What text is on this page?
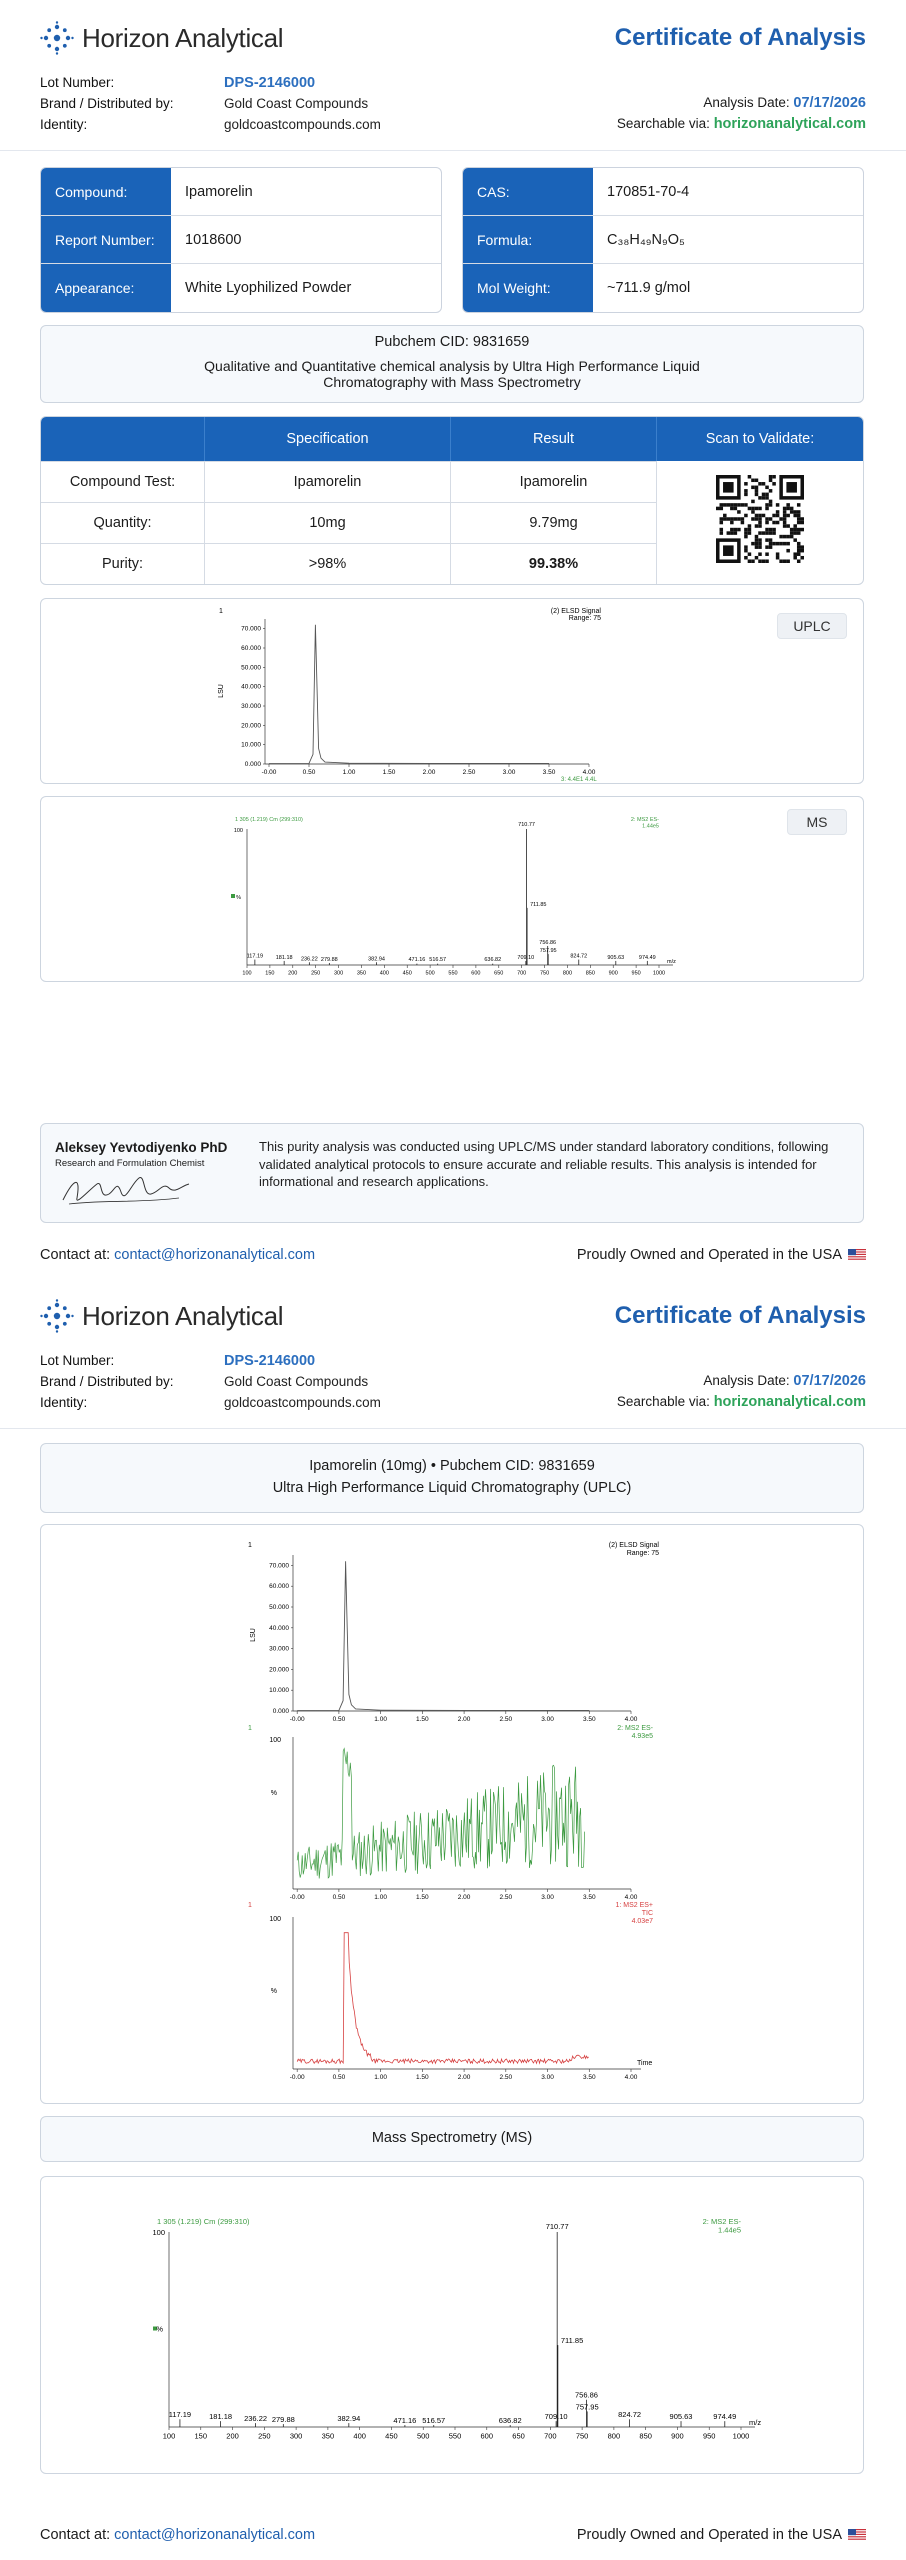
Horizon Analytical	Certificate of Analysis
Lot Number:	DPS-2146000
Brand / Distributed by:	Gold Coast Compounds
Identity:	goldcoastcompounds.com
Analysis Date: 07/17/2026
Searchable via: horizonanalytical.com
Compound:	Ipamorelin
Report Number:	1018600
Appearance:	White Lyophilized Powder
CAS:	170851-70-4
Formula:	C₃₈H₄₉N₉O₅
Mol Weight:	~711.9 g/mol
Pubchem CID: 9831659
Qualitative and Quantitative chemical analysis by Ultra High Performance Liquid
Chromatography with Mass Spectrometry
Specification	Result	Scan to Validate:
Compound Test:	Ipamorelin	Ipamorelin
Quantity:	10mg	9.79mg
Purity:	>98%	99.38%
UPLC
1	(2) ELSD Signal
Range: 75
LSU
70.000
60.000
50.000
40.000
30.000
20.000
10.000
0.000
-0.00	0.50	1.00	1.50	2.00	2.50	3.00	3.50	4.00
3: 4.4E1 4.4L
MS
1 305 (1.219) Cm (299:310)	2: MS2 ES-
1.44e5
100
%
100 150 200 250 300 350 400 450 500 550 600 650 700 750 800 850 900 950 1000
m/z
117.19 181.18 236.22 279.88	382.94	471.16 516.57	636.82	709.10
710.77
711.85
756.86
757.95
824.72	905.63	974.49
Aleksey Yevtodiyenko PhD
Research and Formulation Chemist
This purity analysis was conducted using UPLC/MS under standard laboratory conditions, following
validated analytical protocols to ensure accurate and reliable results. This analysis is intended for
informational and research applications.
Contact at: contact@horizonanalytical.com	Proudly Owned and Operated in the USA
Horizon Analytical	Certificate of Analysis
Lot Number:	DPS-2146000
Brand / Distributed by:	Gold Coast Compounds
Identity:	goldcoastcompounds.com
Analysis Date: 07/17/2026
Searchable via: horizonanalytical.com
Ipamorelin (10mg) • Pubchem CID: 9831659
Ultra High Performance Liquid Chromatography (UPLC)
1	(2) ELSD Signal
Range: 75
LSU
70.000
60.000
50.000
40.000
30.000
20.000
10.000
0.000
-0.00	0.50	1.00	1.50	2.00	2.50	3.00	3.50	4.00
1	2: MS2 ES-
4.93e5
100
%
-0.00	0.50	1.00	1.50	2.00	2.50	3.00	3.50	4.00
1	1: MS2 ES+
TIC
4.03e7
100
%
Time
-0.00	0.50	1.00	1.50	2.00	2.50	3.00	3.50	4.00
Mass Spectrometry (MS)
1 305 (1.219) Cm (299:310)	2: MS2 ES-
1.44e5
100
%
100	150	200	250	300	350	400	450	500	550	600	650	700	750	800	850	900	950 1000
m/z
117.19 181.18 236.22 279.88	382.94	471.16 516.57	636.82	709.10
710.77
711.85
756.86
757.95
824.72	905.63	974.49
Contact at: contact@horizonanalytical.com	Proudly Owned and Operated in the USA
